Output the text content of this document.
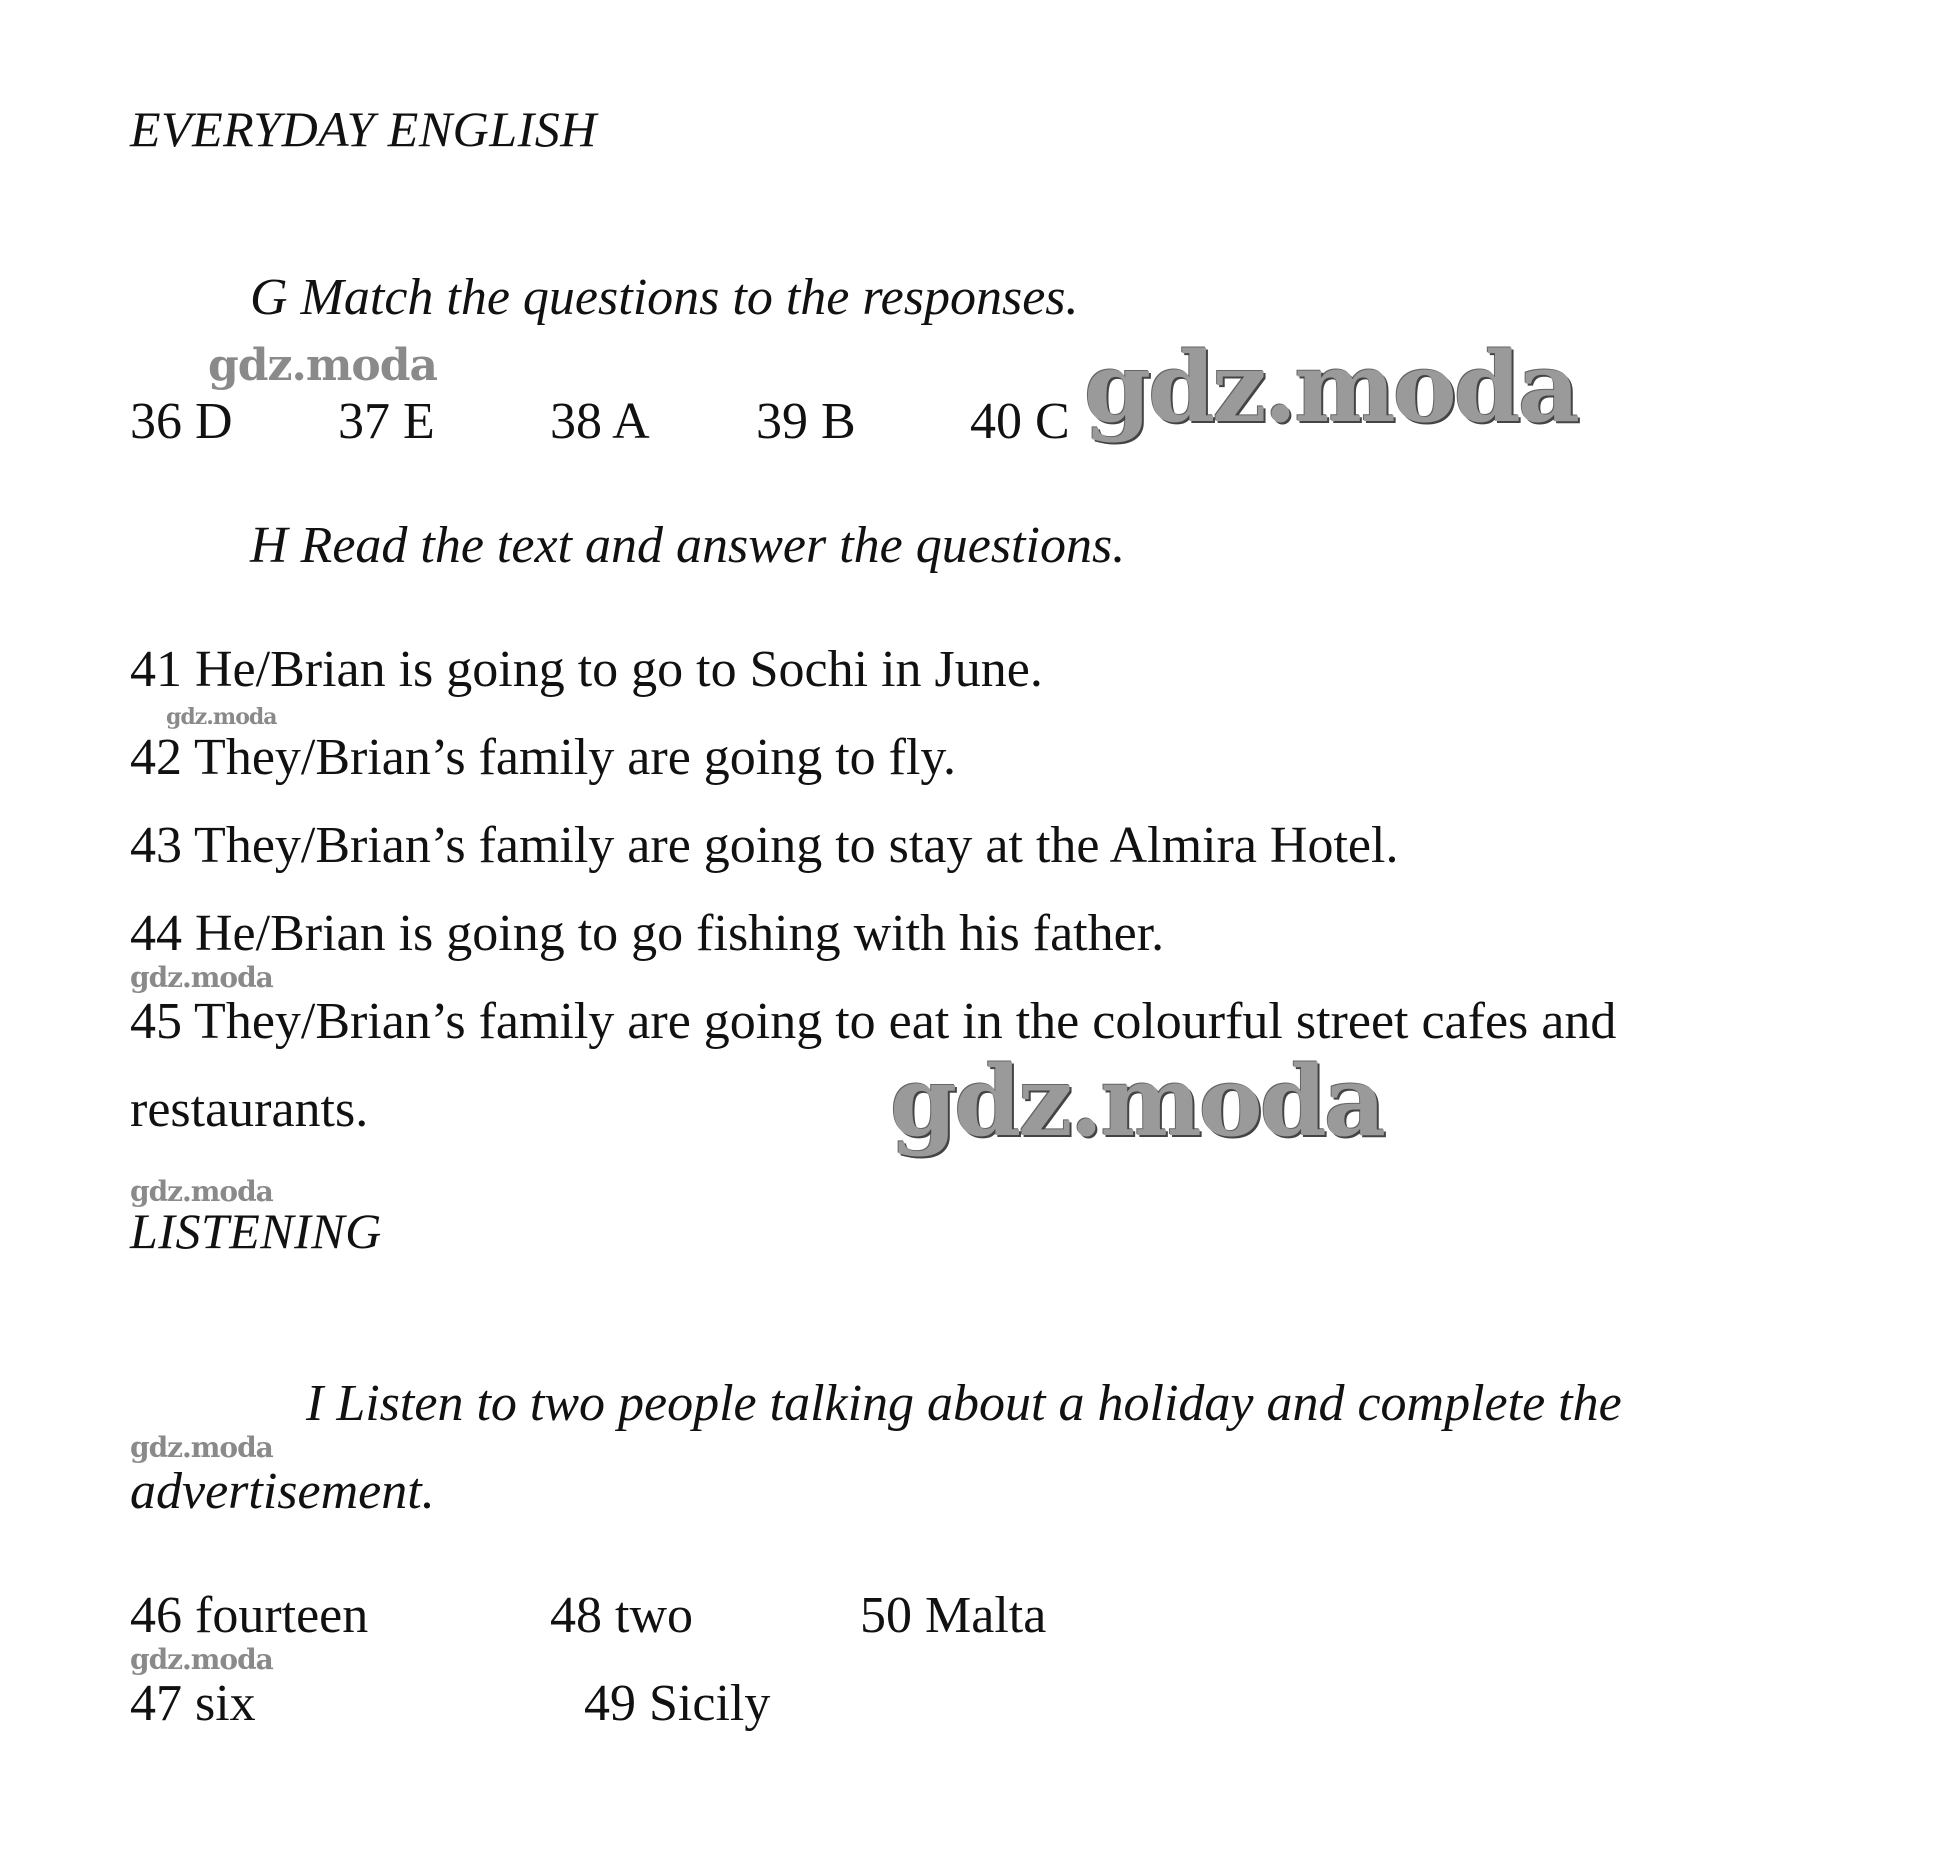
EVERYDAY ENGLISH
G Match the questions to the responses.
36 D 37 E 38 A 39 B 40 C
H Read the text and answer the questions.
41 He/Brian is going to go to Sochi in June.
42 They/Brian’s family are going to fly.
43 They/Brian’s family are going to stay at the Almira Hotel.
44 He/Brian is going to go fishing with his father.
45 They/Brian’s family are going to eat in the colourful street cafes and
restaurants.
LISTENING
I Listen to two people talking about a holiday and complete the
advertisement.
46 fourteen	48 two	50 Malta
47 six	49 Sicily
gdz.moda	gdz.moda
gdz.moda
gdz.moda
gdz.moda
gdz.moda
gdz.moda
gdz.moda
